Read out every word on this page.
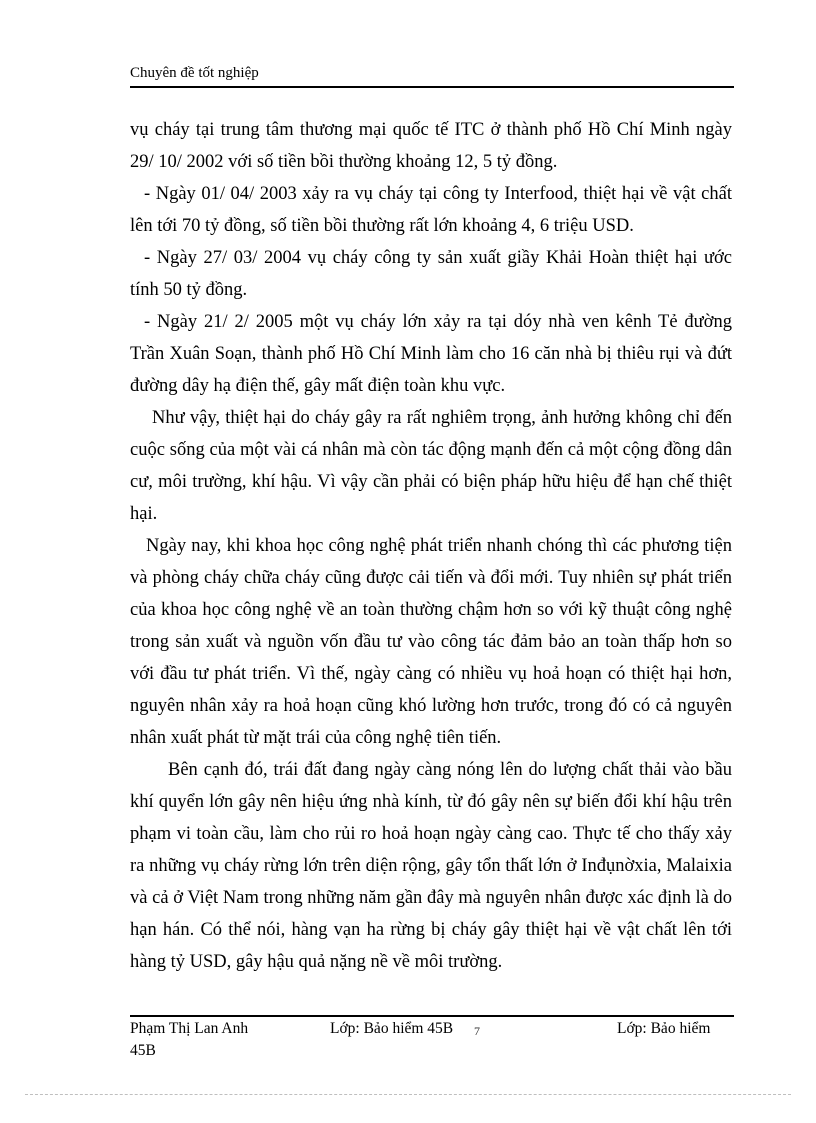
Chuyên đề tốt nghiệp

vụ cháy tại trung tâm thương mại quốc tế ITC ở thành phố Hồ Chí Minh ngày 29/ 10/ 2002 với số tiền bồi thường khoảng 12, 5 tỷ đồng.

- Ngày 01/ 04/ 2003 xảy ra vụ cháy tại công ty Interfood, thiệt hại về vật chất lên tới 70 tỷ đồng, số tiền bồi thường rất lớn khoảng 4, 6 triệu USD.

- Ngày 27/ 03/ 2004 vụ cháy công ty sản xuất giầy Khải Hoàn thiệt hại ước tính 50 tỷ đồng.

- Ngày 21/ 2/ 2005 một vụ cháy lớn xảy ra tại dóy nhà ven kênh Tẻ đường Trần Xuân Soạn, thành phố Hồ Chí Minh làm cho 16 căn nhà bị thiêu rụi và đứt đường dây hạ điện thế, gây mất điện toàn khu vực.

Như vậy, thiệt hại do cháy gây ra rất nghiêm trọng, ảnh hưởng không chỉ đến cuộc sống của một vài cá nhân mà còn tác động mạnh đến cả một cộng đồng dân cư, môi trường, khí hậu. Vì vậy cần phải có biện pháp hữu hiệu để hạn chế thiệt hại.

Ngày nay, khi khoa học công nghệ phát triển nhanh chóng thì các phương tiện và phòng cháy chữa cháy cũng được cải tiến và đổi mới. Tuy nhiên sự phát triển của khoa học công nghệ về an toàn thường chậm hơn so với kỹ thuật công nghệ trong sản xuất và nguồn vốn đầu tư vào công tác đảm bảo an toàn thấp hơn so với đầu tư phát triển. Vì thế, ngày càng có nhiều vụ hoả hoạn có thiệt hại hơn, nguyên nhân xảy ra hoả hoạn cũng khó lường hơn trước, trong đó có cả nguyên nhân xuất phát từ mặt trái của công nghệ tiên tiến.

Bên cạnh đó, trái đất đang ngày càng nóng lên do lượng chất thải vào bầu khí quyển lớn gây nên hiệu ứng nhà kính, từ đó gây nên sự biến đổi khí hậu trên phạm vi toàn cầu, làm cho rủi ro hoả hoạn ngày càng cao. Thực tế cho thấy xảy ra những vụ cháy rừng lớn trên diện rộng, gây tổn thất lớn ở Inđụnờxia, Malaixia và cả ở Việt Nam trong những năm gần đây mà nguyên nhân được xác định là do hạn hán. Có thể nói, hàng vạn ha rừng bị cháy gây thiệt hại về vật chất lên tới hàng tỷ USD, gây hậu quả nặng nề về môi trường.

Phạm Thị Lan Anh	Lớp: Bảo hiểm 45B 7	Lớp: Bảo hiểm
45B
